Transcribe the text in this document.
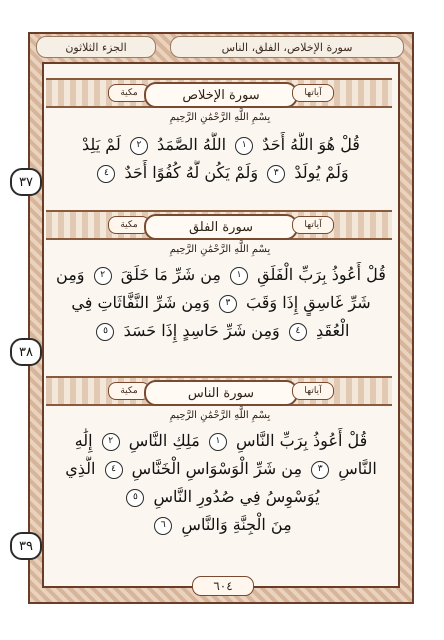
الجزء الثلاثون	سورة الإخلاص، الفلق، الناس
مكية	سورة الإخلاص	آياتها
بِسْمِ اللَّهِ الرَّحْمَٰنِ الرَّحِيمِ
قُلْ هُوَ اللَّهُ أَحَدٌ ١ اللَّهُ الصَّمَدُ ٢ لَمْ يَلِدْ
وَلَمْ يُولَدْ ٣ وَلَمْ يَكُن لَّهُ كُفُوًا أَحَدٌ ٤
٣٧
مكية	سورة الفلق	آياتها
بِسْمِ اللَّهِ الرَّحْمَٰنِ الرَّحِيمِ
قُلْ أَعُوذُ بِرَبِّ الْفَلَقِ ١ مِن شَرِّ مَا خَلَقَ ٢ وَمِن
شَرِّ غَاسِقٍ إِذَا وَقَبَ ٣ وَمِن شَرِّ النَّفَّاثَاتِ فِي
الْعُقَدِ ٤ وَمِن شَرِّ حَاسِدٍ إِذَا حَسَدَ ٥
٣٨
مكية	سورة الناس	آياتها
بِسْمِ اللَّهِ الرَّحْمَٰنِ الرَّحِيمِ
قُلْ أَعُوذُ بِرَبِّ النَّاسِ ١ مَلِكِ النَّاسِ ٢ إِلَٰهِ
النَّاسِ ٣ مِن شَرِّ الْوَسْوَاسِ الْخَنَّاسِ ٤ الَّذِي
يُوَسْوِسُ فِي صُدُورِ النَّاسِ ٥
مِنَ الْجِنَّةِ وَالنَّاسِ ٦
٣٩
٦٠٤
